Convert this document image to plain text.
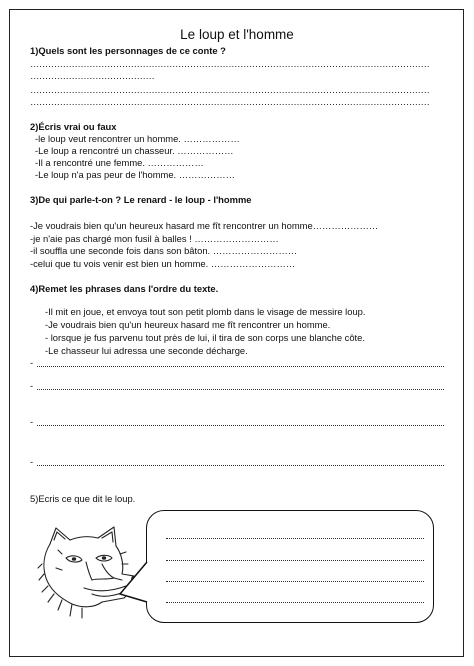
Le loup et l'homme
1)Quels sont les personnages de ce conte ?
………………………………………………………………………………………………………………………
……………………………………
………………………………………………………………………………………………………………………
………………………………………………………………………………………………………………………
2)Écris vrai ou faux
-le loup veut rencontrer un homme. ………………
-Le loup a rencontré un chasseur. ………………
-Il a rencontré une femme. ………………
-Le loup n'a pas peur de l'homme. ………………
3)De qui parle-t-on ? Le renard - le loup - l'homme
-Je voudrais bien qu'un heureux hasard me fît rencontrer un homme…………………
-je n'aie pas chargé mon fusil à balles ! ………………………
-il souffla une seconde fois dans son bâton. ………………………
-celui que tu vois venir est bien un homme. ………………………
4)Remet les phrases dans l'ordre du texte.
-Il mit en joue, et envoya tout son petit plomb dans le visage de messire loup.
-Je voudrais bien qu'un heureux hasard me fît rencontrer un homme.
- lorsque je fus parvenu tout près de lui, il tira de son corps une blanche côte.
-Le chasseur lui adressa une seconde décharge.
-
-
-
-
5)Ecris ce que dit le loup.
